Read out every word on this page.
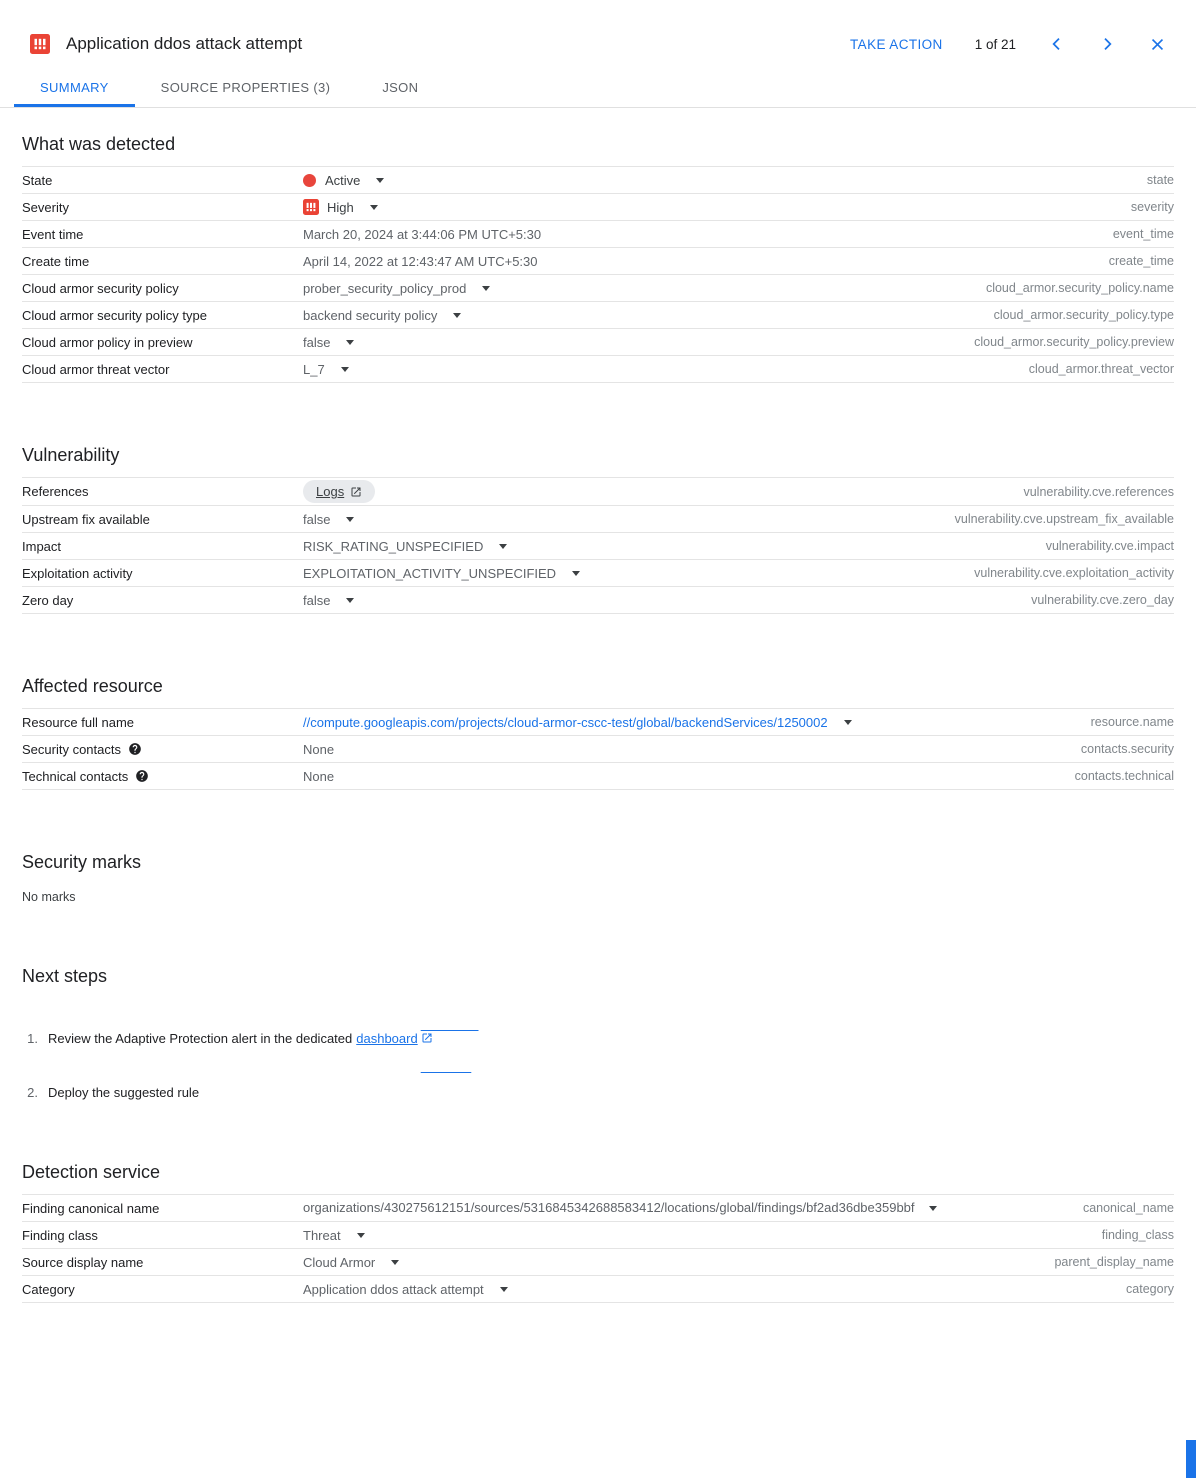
Application ddos attack attempt	TAKE ACTION 1 of 21
SUMMARY	SOURCE PROPERTIES (3)	JSON
What was detected
State	Active	state
Severity	High	severity
Event time	March 20, 2024 at 3:44:06 PM UTC+5:30	event_time
Create time	April 14, 2022 at 12:43:47 AM UTC+5:30	create_time
Cloud armor security policy	prober_security_policy_prod	cloud_armor.security_policy.name
Cloud armor security policy type	backend security policy	cloud_armor.security_policy.type
Cloud armor policy in preview	false	cloud_armor.security_policy.preview
Cloud armor threat vector	L_7	cloud_armor.threat_vector
Vulnerability
References	Logs	vulnerability.cve.references
Upstream fix available	false	vulnerability.cve.upstream_fix_available
Impact	RISK_RATING_UNSPECIFIED	vulnerability.cve.impact
Exploitation activity	EXPLOITATION_ACTIVITY_UNSPECIFIED	vulnerability.cve.exploitation_activity
Zero day	false	vulnerability.cve.zero_day
Affected resource
Resource full name	//compute.googleapis.com/projects/cloud-armor-cscc-test/global/backendServices/1250002	resource.name
Security contacts	None	contacts.security
Technical contacts	None	contacts.technical
Security marks
No marks
Next steps
1. Review the Adaptive Protection alert in the dedicated dashboard

2. Deploy the suggested rule
Detection service
Finding canonical name	organizations/430275612151/sources/5316845342688583412/locations/global/findings/bf2ad36dbe359bbf	canonical_name
Finding class	Threat	finding_class
Source display name	Cloud Armor	parent_display_name
Category	Application ddos attack attempt	category
